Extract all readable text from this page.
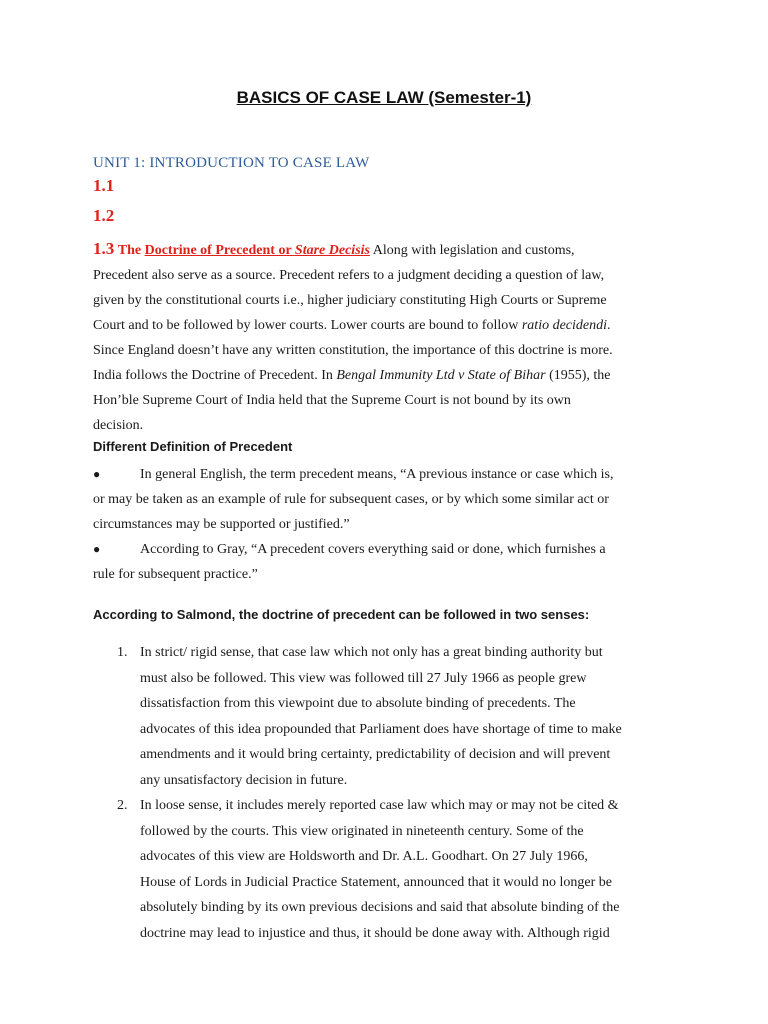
BASICS OF CASE LAW (Semester-1)
UNIT 1: INTRODUCTION TO CASE LAW
1.1
1.2
1.3 The Doctrine of Precedent or Stare Decisis Along with legislation and customs,
Precedent also serve as a source. Precedent refers to a judgment deciding a question of law,
given by the constitutional courts i.e., higher judiciary constituting High Courts or Supreme
Court and to be followed by lower courts. Lower courts are bound to follow ratio decidendi.
Since England doesn’t have any written constitution, the importance of this doctrine is more.
India follows the Doctrine of Precedent. In Bengal Immunity Ltd v State of Bihar (1955), the
Hon’ble Supreme Court of India held that the Supreme Court is not bound by its own
decision.
Different Definition of Precedent
●	In general English, the term precedent means, “A previous instance or case which is,
or may be taken as an example of rule for subsequent cases, or by which some similar act or
circumstances may be supported or justified.”
●	According to Gray, “A precedent covers everything said or done, which furnishes a
rule for subsequent practice.”
According to Salmond, the doctrine of precedent can be followed in two senses:
1. In strict/ rigid sense, that case law which not only has a great binding authority but
must also be followed. This view was followed till 27 July 1966 as people grew
dissatisfaction from this viewpoint due to absolute binding of precedents. The
advocates of this idea propounded that Parliament does have shortage of time to make
amendments and it would bring certainty, predictability of decision and will prevent
any unsatisfactory decision in future.
2. In loose sense, it includes merely reported case law which may or may not be cited &
followed by the courts. This view originated in nineteenth century. Some of the
advocates of this view are Holdsworth and Dr. A.L. Goodhart. On 27 July 1966,
House of Lords in Judicial Practice Statement, announced that it would no longer be
absolutely binding by its own previous decisions and said that absolute binding of the
doctrine may lead to injustice and thus, it should be done away with. Although rigid
